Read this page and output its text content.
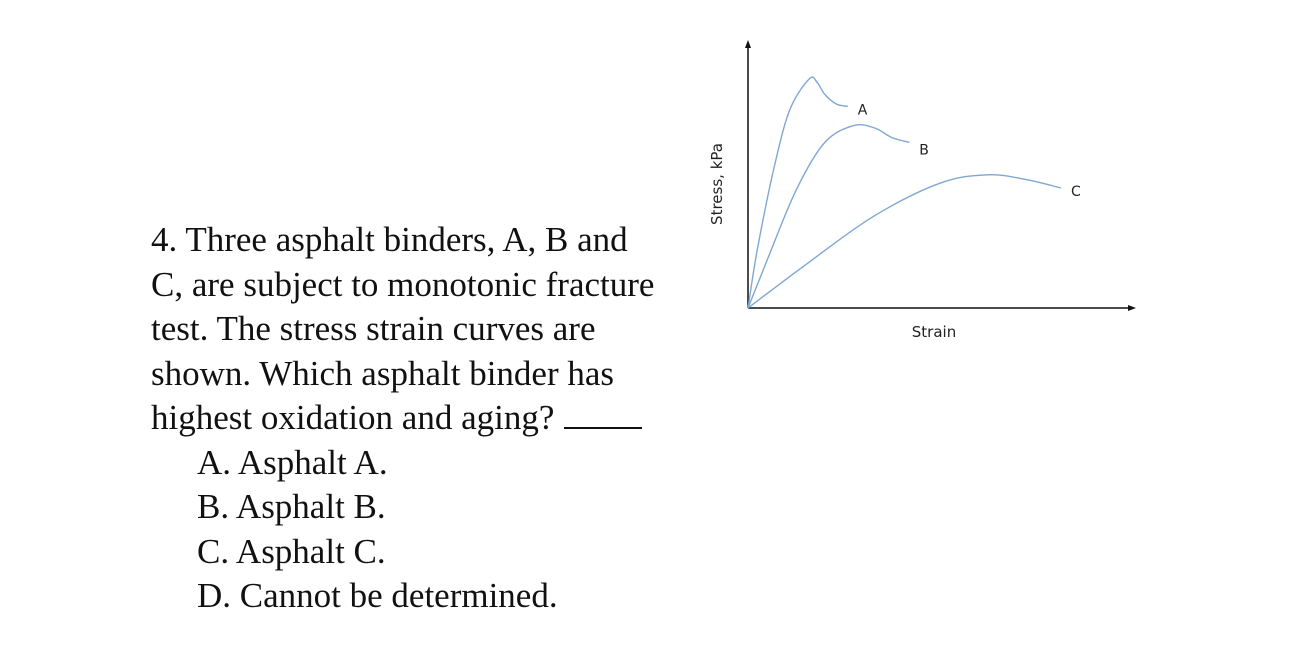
4. Three asphalt binders, A, B and
C, are subject to monotonic fracture
test. The stress strain curves are
shown. Which asphalt binder has
highest oxidation and aging?
A. Asphalt A.
B. Asphalt B.
C. Asphalt C.
D. Cannot be determined.
A
B
C
Strain
Stress, kPa
